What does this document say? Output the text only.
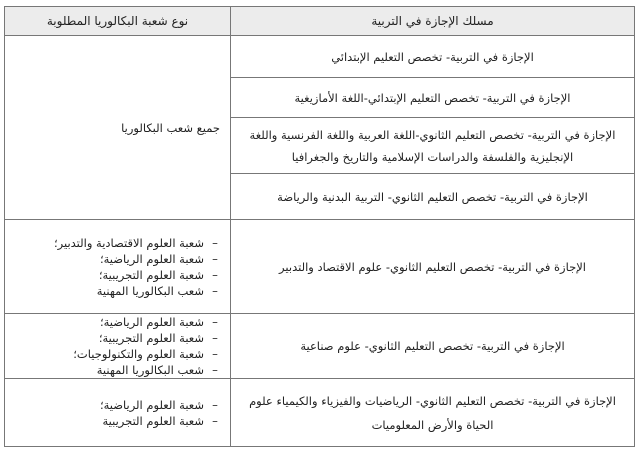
مسلك الإجازة في التربية
نوع شعبة البكالوريا المطلوبة
الإجازة في التربية- تخصص التعليم الإبتدائي
الإجازة في التربية- تخصص التعليم الإبتدائي-اللغة الأمازيغية
الإجازة في التربية- تخصص التعليم الثانوي-اللغة العربية واللغة الفرنسية واللغة الإنجليزية والفلسفة والدراسات الإسلامية والتاريخ والجغرافيا
الإجازة في التربية- تخصص التعليم الثانوي- التربية البدنية والرياضة
الإجازة في التربية- تخصص التعليم الثانوي- علوم الاقتصاد والتدبير
الإجازة في التربية- تخصص التعليم الثانوي- علوم صناعية
الإجازة في التربية- تخصص التعليم الثانوي- الرياضيات والفيزياء والكيمياء علوم الحياة والأرض المعلوميات
جميع شعب البكالوريا
–شعبة العلوم الاقتصادية والتدبير؛
–شعبة العلوم الرياضية؛
–شعبة العلوم التجريبية؛
–شعب البكالوريا المهنية
–شعبة العلوم الرياضية؛
–شعبة العلوم التجريبية؛
–شعبة العلوم والتكنولوجيات؛
–شعب البكالوريا المهنية
–شعبة العلوم الرياضية؛
–شعبة العلوم التجريبية
